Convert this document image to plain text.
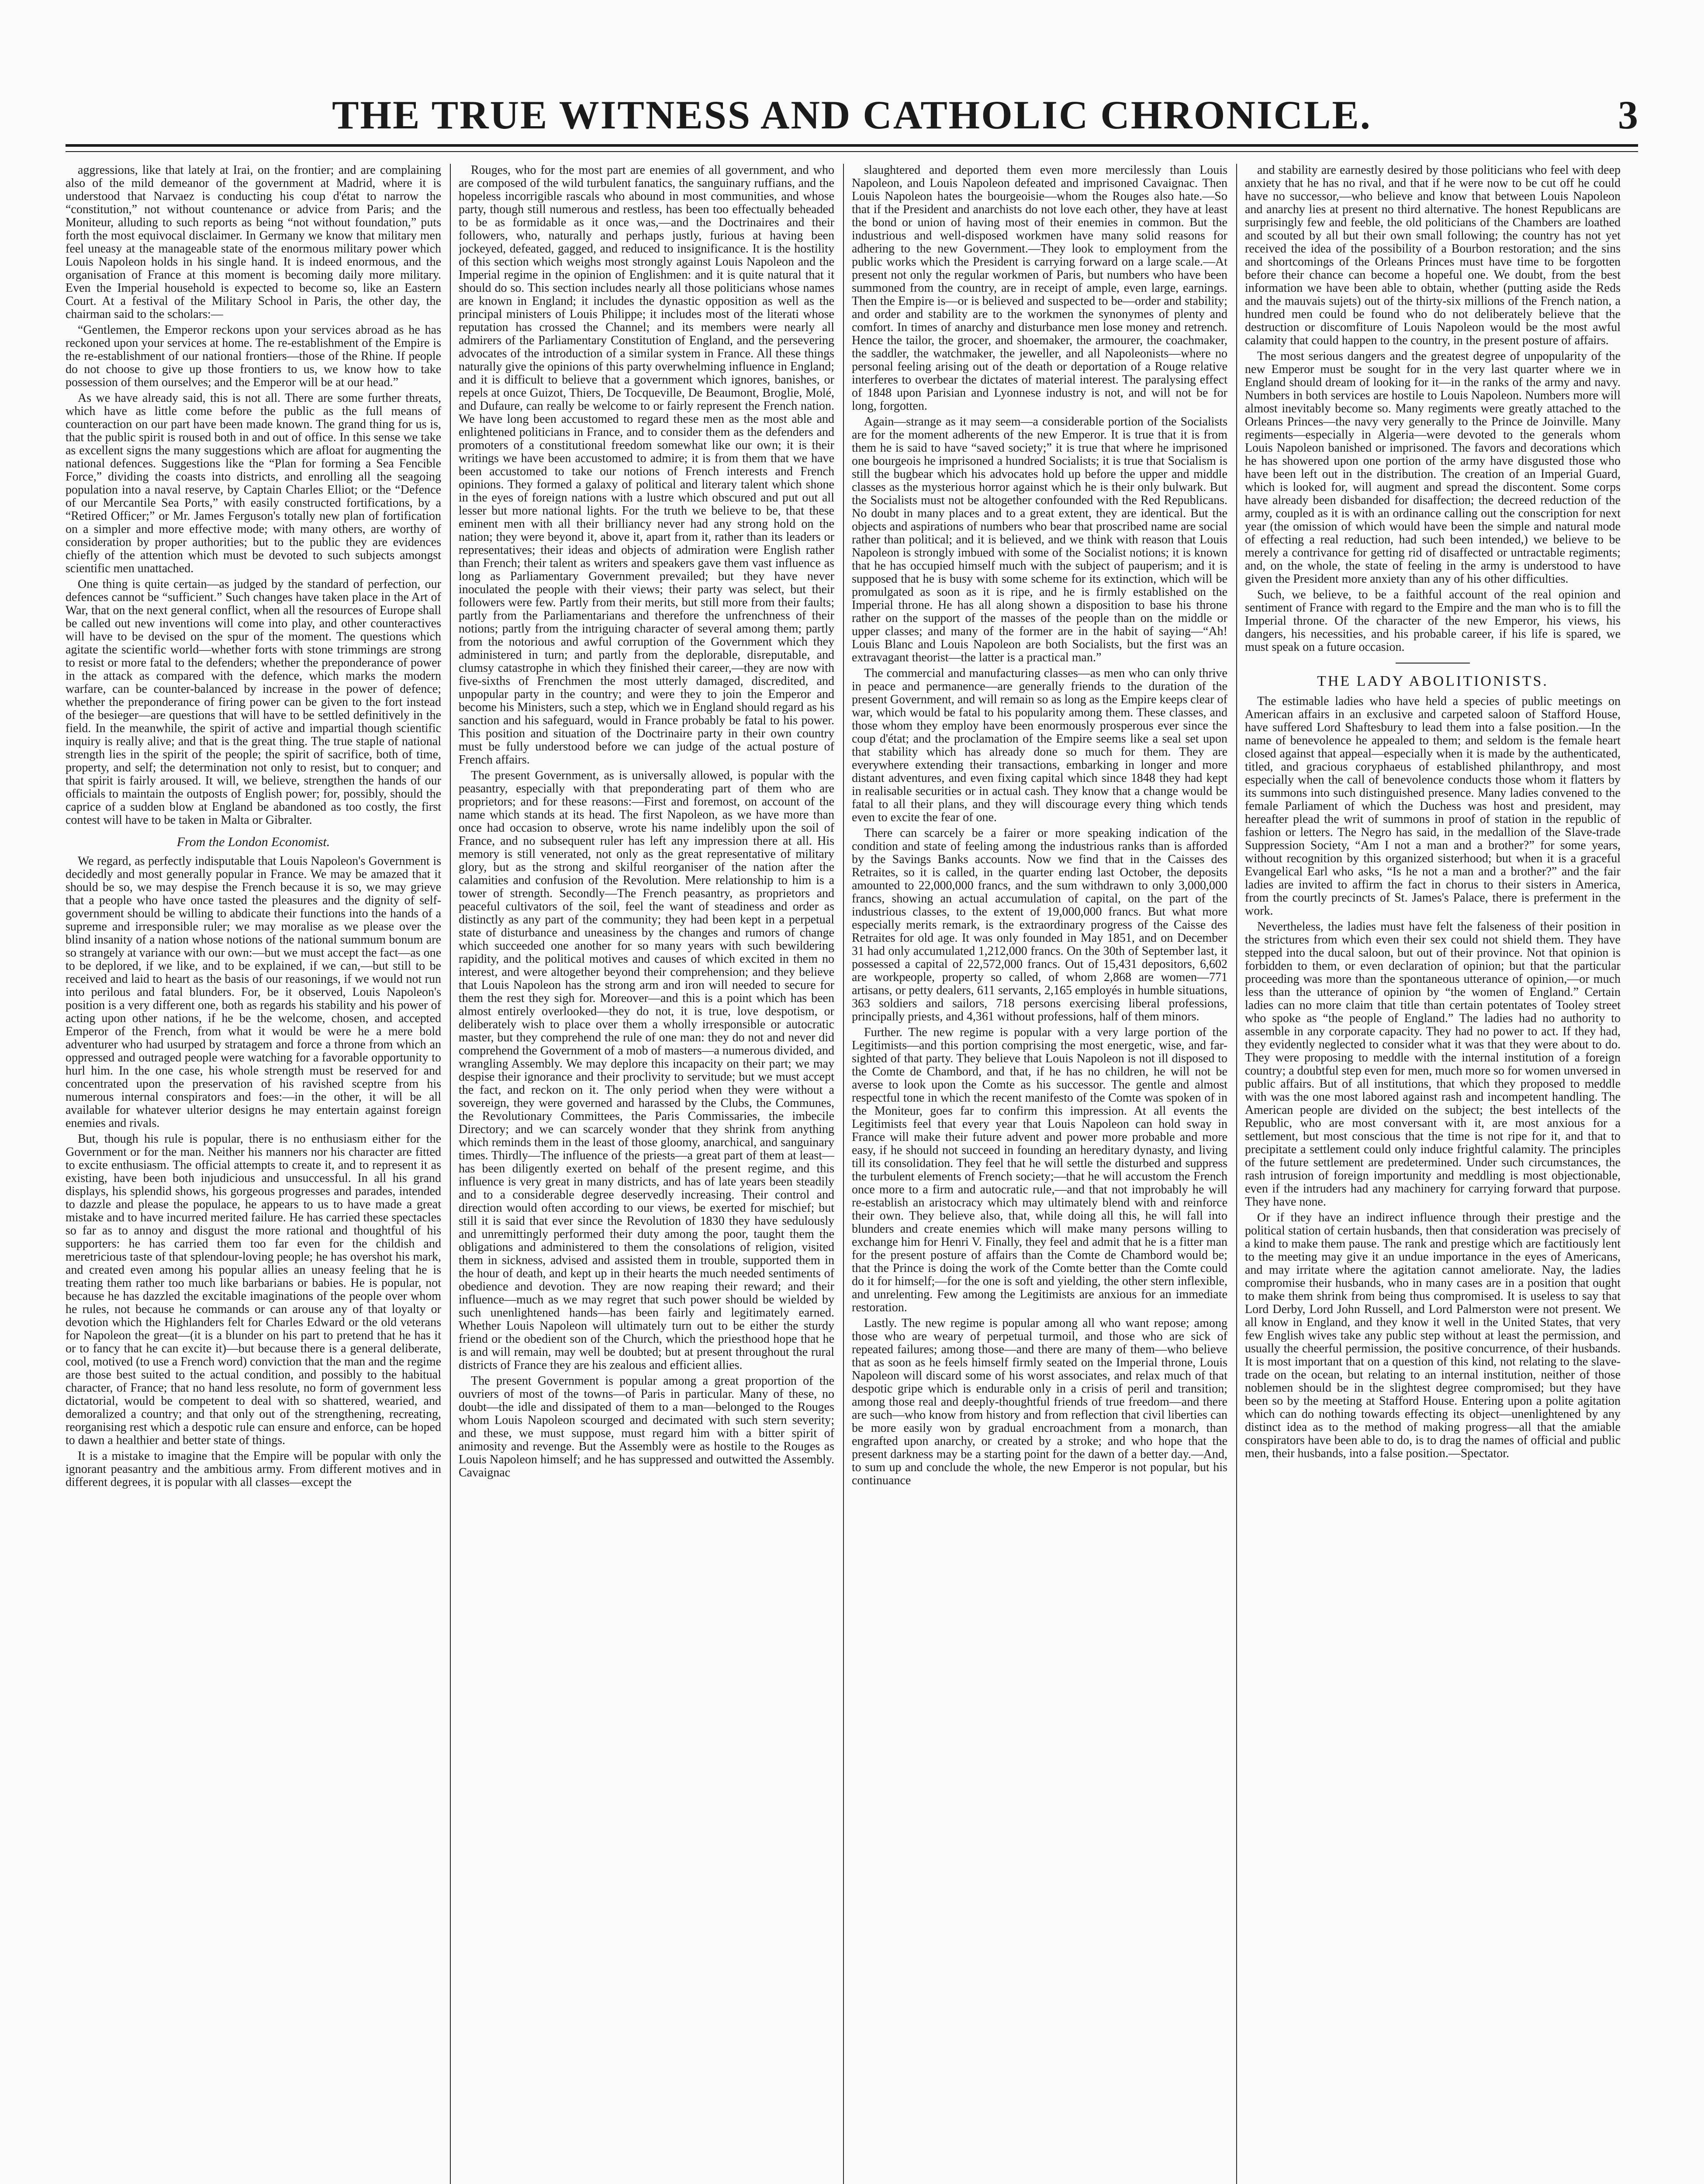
THE TRUE WITNESS AND CATHOLIC CHRONICLE.	3

aggressions, like that lately at Irai, on the frontier; and are complaining also of the mild demeanor of the government at Madrid, where it is understood that Narvaez is conducting his coup d'état to narrow the “constitution,” not without countenance or advice from Paris; and the Moniteur, alluding to such reports as being “not without foundation,” puts forth the most equivocal disclaimer. In Germany we know that military men feel uneasy at the manageable state of the enormous military power which Louis Napoleon holds in his single hand. It is indeed enormous, and the organisation of France at this moment is becoming daily more military. Even the Imperial household is expected to become so, like an Eastern Court. At a festival of the Military School in Paris, the other day, the chairman said to the scholars:—

“Gentlemen, the Emperor reckons upon your services abroad as he has reckoned upon your services at home. The re-establishment of the Empire is the re-establishment of our national frontiers—those of the Rhine. If people do not choose to give up those frontiers to us, we know how to take possession of them ourselves; and the Emperor will be at our head.”

As we have already said, this is not all. There are some further threats, which have as little come before the public as the full means of counteraction on our part have been made known. The grand thing for us is, that the public spirit is roused both in and out of office. In this sense we take as excellent signs the many suggestions which are afloat for augmenting the national defences. Suggestions like the “Plan for forming a Sea Fencible Force,” dividing the coasts into districts, and enrolling all the seagoing population into a naval reserve, by Captain Charles Elliot; or the “Defence of our Mercantile Sea Ports,” with easily constructed fortifications, by a “Retired Officer;” or Mr. James Ferguson's totally new plan of fortification on a simpler and more effective mode; with many others, are worthy of consideration by proper authorities; but to the public they are evidences chiefly of the attention which must be devoted to such subjects amongst scientific men unattached.

One thing is quite certain—as judged by the standard of perfection, our defences cannot be “sufficient.” Such changes have taken place in the Art of War, that on the next general conflict, when all the resources of Europe shall be called out new inventions will come into play, and other counteractives will have to be devised on the spur of the moment. The questions which agitate the scientific world—whether forts with stone trimmings are strong to resist or more fatal to the defenders; whether the preponderance of power in the attack as compared with the defence, which marks the modern warfare, can be counter-balanced by increase in the power of defence; whether the preponderance of firing power can be given to the fort instead of the besieger—are questions that will have to be settled definitively in the field. In the meanwhile, the spirit of active and impartial though scientific inquiry is really alive; and that is the great thing. The true staple of national strength lies in the spirit of the people; the spirit of sacrifice, both of time, property, and self; the determination not only to resist, but to conquer; and that spirit is fairly aroused. It will, we believe, strengthen the hands of our officials to maintain the outposts of English power; for, possibly, should the caprice of a sudden blow at England be abandoned as too costly, the first contest will have to be taken in Malta or Gibralter.

From the London Economist.

We regard, as perfectly indisputable that Louis Napoleon's Government is decidedly and most generally popular in France. We may be amazed that it should be so, we may despise the French because it is so, we may grieve that a people who have once tasted the pleasures and the dignity of self-government should be willing to abdicate their functions into the hands of a supreme and irresponsible ruler; we may moralise as we please over the blind insanity of a nation whose notions of the national summum bonum are so strangely at variance with our own:—but we must accept the fact—as one to be deplored, if we like, and to be explained, if we can,—but still to be received and laid to heart as the basis of our reasonings, if we would not run into perilous and fatal blunders. For, be it observed, Louis Napoleon's position is a very different one, both as regards his stability and his power of acting upon other nations, if he be the welcome, chosen, and accepted Emperor of the French, from what it would be were he a mere bold adventurer who had usurped by stratagem and force a throne from which an oppressed and outraged people were watching for a favorable opportunity to hurl him. In the one case, his whole strength must be reserved for and concentrated upon the preservation of his ravished sceptre from his numerous internal conspirators and foes:—in the other, it will be all available for whatever ulterior designs he may entertain against foreign enemies and rivals.

But, though his rule is popular, there is no enthusiasm either for the Government or for the man. Neither his manners nor his character are fitted to excite enthusiasm. The official attempts to create it, and to represent it as existing, have been both injudicious and unsuccessful. In all his grand displays, his splendid shows, his gorgeous progresses and parades, intended to dazzle and please the populace, he appears to us to have made a great mistake and to have incurred merited failure. He has carried these spectacles so far as to annoy and disgust the more rational and thoughtful of his supporters: he has carried them too far even for the childish and meretricious taste of that splendour-loving people; he has overshot his mark, and created even among his popular allies an uneasy feeling that he is treating them rather too much like barbarians or babies. He is popular, not because he has dazzled the excitable imaginations of the people over whom he rules, not because he commands or can arouse any of that loyalty or devotion which the Highlanders felt for Charles Edward or the old veterans for Napoleon the great—(it is a blunder on his part to pretend that he has it or to fancy that he can excite it)—but because there is a general deliberate, cool, motived (to use a French word) conviction that the man and the regime are those best suited to the actual condition, and possibly to the habitual character, of France; that no hand less resolute, no form of government less dictatorial, would be competent to deal with so shattered, wearied, and demoralized a country; and that only out of the strengthening, recreating, reorganising rest which a despotic rule can ensure and enforce, can be hoped to dawn a healthier and better state of things.

It is a mistake to imagine that the Empire will be popular with only the ignorant peasantry and the ambitious army. From different motives and in different degrees, it is popular with all classes—except the

Rouges, who for the most part are enemies of all government, and who are composed of the wild turbulent fanatics, the sanguinary ruffians, and the hopeless incorrigible rascals who abound in most communities, and whose party, though still numerous and restless, has been too effectually beheaded to be as formidable as it once was,—and the Doctrinaires and their followers, who, naturally and perhaps justly, furious at having been jockeyed, defeated, gagged, and reduced to insignificance. It is the hostility of this section which weighs most strongly against Louis Napoleon and the Imperial regime in the opinion of Englishmen: and it is quite natural that it should do so. This section includes nearly all those politicians whose names are known in England; it includes the dynastic opposition as well as the principal ministers of Louis Philippe; it includes most of the literati whose reputation has crossed the Channel; and its members were nearly all admirers of the Parliamentary Constitution of England, and the persevering advocates of the introduction of a similar system in France. All these things naturally give the opinions of this party overwhelming influence in England; and it is difficult to believe that a government which ignores, banishes, or repels at once Guizot, Thiers, De Tocqueville, De Beaumont, Broglie, Molé, and Dufaure, can really be welcome to or fairly represent the French nation. We have long been accustomed to regard these men as the most able and enlightened politicians in France, and to consider them as the defenders and promoters of a constitutional freedom somewhat like our own; it is their writings we have been accustomed to admire; it is from them that we have been accustomed to take our notions of French interests and French opinions. They formed a galaxy of political and literary talent which shone in the eyes of foreign nations with a lustre which obscured and put out all lesser but more national lights. For the truth we believe to be, that these eminent men with all their brilliancy never had any strong hold on the nation; they were beyond it, above it, apart from it, rather than its leaders or representatives; their ideas and objects of admiration were English rather than French; their talent as writers and speakers gave them vast influence as long as Parliamentary Government prevailed; but they have never inoculated the people with their views; their party was select, but their followers were few. Partly from their merits, but still more from their faults; partly from the Parliamentarians and therefore the unfrenchness of their notions; partly from the intriguing character of several among them; partly from the notorious and awful corruption of the Government which they administered in turn; and partly from the deplorable, disreputable, and clumsy catastrophe in which they finished their career,—they are now with five-sixths of Frenchmen the most utterly damaged, discredited, and unpopular party in the country; and were they to join the Emperor and become his Ministers, such a step, which we in England should regard as his sanction and his safeguard, would in France probably be fatal to his power. This position and situation of the Doctrinaire party in their own country must be fully understood before we can judge of the actual posture of French affairs.

The present Government, as is universally allowed, is popular with the peasantry, especially with that preponderating part of them who are proprietors; and for these reasons:—First and foremost, on account of the name which stands at its head. The first Napoleon, as we have more than once had occasion to observe, wrote his name indelibly upon the soil of France, and no subsequent ruler has left any impression there at all. His memory is still venerated, not only as the great representative of military glory, but as the strong and skilful reorganiser of the nation after the calamities and confusion of the Revolution. Mere relationship to him is a tower of strength. Secondly—The French peasantry, as proprietors and peaceful cultivators of the soil, feel the want of steadiness and order as distinctly as any part of the community; they had been kept in a perpetual state of disturbance and uneasiness by the changes and rumors of change which succeeded one another for so many years with such bewildering rapidity, and the political motives and causes of which excited in them no interest, and were altogether beyond their comprehension; and they believe that Louis Napoleon has the strong arm and iron will needed to secure for them the rest they sigh for. Moreover—and this is a point which has been almost entirely overlooked—they do not, it is true, love despotism, or deliberately wish to place over them a wholly irresponsible or autocratic master, but they comprehend the rule of one man: they do not and never did comprehend the Government of a mob of masters—a numerous divided, and wrangling Assembly. We may deplore this incapacity on their part; we may despise their ignorance and their proclivity to servitude; but we must accept the fact, and reckon on it. The only period when they were without a sovereign, they were governed and harassed by the Clubs, the Communes, the Revolutionary Committees, the Paris Commissaries, the imbecile Directory; and we can scarcely wonder that they shrink from anything which reminds them in the least of those gloomy, anarchical, and sanguinary times. Thirdly—The influence of the priests—a great part of them at least—has been diligently exerted on behalf of the present regime, and this influence is very great in many districts, and has of late years been steadily and to a considerable degree deservedly increasing. Their control and direction would often according to our views, be exerted for mischief; but still it is said that ever since the Revolution of 1830 they have sedulously and unremittingly performed their duty among the poor, taught them the obligations and administered to them the consolations of religion, visited them in sickness, advised and assisted them in trouble, supported them in the hour of death, and kept up in their hearts the much needed sentiments of obedience and devotion. They are now reaping their reward; and their influence—much as we may regret that such power should be wielded by such unenlightened hands—has been fairly and legitimately earned. Whether Louis Napoleon will ultimately turn out to be either the sturdy friend or the obedient son of the Church, which the priesthood hope that he is and will remain, may well be doubted; but at present throughout the rural districts of France they are his zealous and efficient allies.

The present Government is popular among a great proportion of the ouvriers of most of the towns—of Paris in particular. Many of these, no doubt—the idle and dissipated of them to a man—belonged to the Rouges whom Louis Napoleon scourged and decimated with such stern severity; and these, we must suppose, must regard him with a bitter spirit of animosity and revenge. But the Assembly were as hostile to the Rouges as Louis Napoleon himself; and he has suppressed and outwitted the Assembly. Cavaignac

slaughtered and deported them even more mercilessly than Louis Napoleon, and Louis Napoleon defeated and imprisoned Cavaignac. Then Louis Napoleon hates the bourgeoisie—whom the Rouges also hate.—So that if the President and anarchists do not love each other, they have at least the bond or union of having most of their enemies in common. But the industrious and well-disposed workmen have many solid reasons for adhering to the new Government.—They look to employment from the public works which the President is carrying forward on a large scale.—At present not only the regular workmen of Paris, but numbers who have been summoned from the country, are in receipt of ample, even large, earnings. Then the Empire is—or is believed and suspected to be—order and stability; and order and stability are to the workmen the synonymes of plenty and comfort. In times of anarchy and disturbance men lose money and retrench. Hence the tailor, the grocer, and shoemaker, the armourer, the coachmaker, the saddler, the watchmaker, the jeweller, and all Napoleonists—where no personal feeling arising out of the death or deportation of a Rouge relative interferes to overbear the dictates of material interest. The paralysing effect of 1848 upon Parisian and Lyonnese industry is not, and will not be for long, forgotten.

Again—strange as it may seem—a considerable portion of the Socialists are for the moment adherents of the new Emperor. It is true that it is from them he is said to have “saved society;” it is true that where he imprisoned one bourgeois he imprisoned a hundred Socialists; it is true that Socialism is still the bugbear which his advocates hold up before the upper and middle classes as the mysterious horror against which he is their only bulwark. But the Socialists must not be altogether confounded with the Red Republicans. No doubt in many places and to a great extent, they are identical. But the objects and aspirations of numbers who bear that proscribed name are social rather than political; and it is believed, and we think with reason that Louis Napoleon is strongly imbued with some of the Socialist notions; it is known that he has occupied himself much with the subject of pauperism; and it is supposed that he is busy with some scheme for its extinction, which will be promulgated as soon as it is ripe, and he is firmly established on the Imperial throne. He has all along shown a disposition to base his throne rather on the support of the masses of the people than on the middle or upper classes; and many of the former are in the habit of saying—“Ah! Louis Blanc and Louis Napoleon are both Socialists, but the first was an extravagant theorist—the latter is a practical man.”

The commercial and manufacturing classes—as men who can only thrive in peace and permanence—are generally friends to the duration of the present Government, and will remain so as long as the Empire keeps clear of war, which would be fatal to his popularity among them. These classes, and those whom they employ have been enormously prosperous ever since the coup d'état; and the proclamation of the Empire seems like a seal set upon that stability which has already done so much for them. They are everywhere extending their transactions, embarking in longer and more distant adventures, and even fixing capital which since 1848 they had kept in realisable securities or in actual cash. They know that a change would be fatal to all their plans, and they will discourage every thing which tends even to excite the fear of one.

There can scarcely be a fairer or more speaking indication of the condition and state of feeling among the industrious ranks than is afforded by the Savings Banks accounts. Now we find that in the Caisses des Retraites, so it is called, in the quarter ending last October, the deposits amounted to 22,000,000 francs, and the sum withdrawn to only 3,000,000 francs, showing an actual accumulation of capital, on the part of the industrious classes, to the extent of 19,000,000 francs. But what more especially merits remark, is the extraordinary progress of the Caisse des Retraites for old age. It was only founded in May 1851, and on December 31 had only accumulated 1,212,000 francs. On the 30th of September last, it possessed a capital of 22,572,000 francs. Out of 15,431 depositors, 6,602 are workpeople, property so called, of whom 2,868 are women—771 artisans, or petty dealers, 611 servants, 2,165 employés in humble situations, 363 soldiers and sailors, 718 persons exercising liberal professions, principally priests, and 4,361 without professions, half of them minors.

Further. The new regime is popular with a very large portion of the Legitimists—and this portion comprising the most energetic, wise, and far-sighted of that party. They believe that Louis Napoleon is not ill disposed to the Comte de Chambord, and that, if he has no children, he will not be averse to look upon the Comte as his successor. The gentle and almost respectful tone in which the recent manifesto of the Comte was spoken of in the Moniteur, goes far to confirm this impression. At all events the Legitimists feel that every year that Louis Napoleon can hold sway in France will make their future advent and power more probable and more easy, if he should not succeed in founding an hereditary dynasty, and living till its consolidation. They feel that he will settle the disturbed and suppress the turbulent elements of French society;—that he will accustom the French once more to a firm and autocratic rule,—and that not improbably he will re-establish an aristocracy which may ultimately blend with and reinforce their own. They believe also, that, while doing all this, he will fall into blunders and create enemies which will make many persons willing to exchange him for Henri V. Finally, they feel and admit that he is a fitter man for the present posture of affairs than the Comte de Chambord would be; that the Prince is doing the work of the Comte better than the Comte could do it for himself;—for the one is soft and yielding, the other stern inflexible, and unrelenting. Few among the Legitimists are anxious for an immediate restoration.

Lastly. The new regime is popular among all who want repose; among those who are weary of perpetual turmoil, and those who are sick of repeated failures; among those—and there are many of them—who believe that as soon as he feels himself firmly seated on the Imperial throne, Louis Napoleon will discard some of his worst associates, and relax much of that despotic gripe which is endurable only in a crisis of peril and transition; among those real and deeply-thoughtful friends of true freedom—and there are such—who know from history and from reflection that civil liberties can be more easily won by gradual encroachment from a monarch, than engrafted upon anarchy, or created by a stroke; and who hope that the present darkness may be a starting point for the dawn of a better day.—And, to sum up and conclude the whole, the new Emperor is not popular, but his continuance

and stability are earnestly desired by those politicians who feel with deep anxiety that he has no rival, and that if he were now to be cut off he could have no successor,—who believe and know that between Louis Napoleon and anarchy lies at present no third alternative. The honest Republicans are surprisingly few and feeble, the old politicians of the Chambers are loathed and scouted by all but their own small following; the country has not yet received the idea of the possibility of a Bourbon restoration; and the sins and shortcomings of the Orleans Princes must have time to be forgotten before their chance can become a hopeful one. We doubt, from the best information we have been able to obtain, whether (putting aside the Reds and the mauvais sujets) out of the thirty-six millions of the French nation, a hundred men could be found who do not deliberately believe that the destruction or discomfiture of Louis Napoleon would be the most awful calamity that could happen to the country, in the present posture of affairs.

The most serious dangers and the greatest degree of unpopularity of the new Emperor must be sought for in the very last quarter where we in England should dream of looking for it—in the ranks of the army and navy. Numbers in both services are hostile to Louis Napoleon. Numbers more will almost inevitably become so. Many regiments were greatly attached to the Orleans Princes—the navy very generally to the Prince de Joinville. Many regiments—especially in Algeria—were devoted to the generals whom Louis Napoleon banished or imprisoned. The favors and decorations which he has showered upon one portion of the army have disgusted those who have been left out in the distribution. The creation of an Imperial Guard, which is looked for, will augment and spread the discontent. Some corps have already been disbanded for disaffection; the decreed reduction of the army, coupled as it is with an ordinance calling out the conscription for next year (the omission of which would have been the simple and natural mode of effecting a real reduction, had such been intended,) we believe to be merely a contrivance for getting rid of disaffected or untractable regiments; and, on the whole, the state of feeling in the army is understood to have given the President more anxiety than any of his other difficulties.

Such, we believe, to be a faithful account of the real opinion and sentiment of France with regard to the Empire and the man who is to fill the Imperial throne. Of the character of the new Emperor, his views, his dangers, his necessities, and his probable career, if his life is spared, we must speak on a future occasion.

THE LADY ABOLITIONISTS.

The estimable ladies who have held a species of public meetings on American affairs in an exclusive and carpeted saloon of Stafford House, have suffered Lord Shaftesbury to lead them into a false position.—In the name of benevolence he appealed to them; and seldom is the female heart closed against that appeal—especially when it is made by the authenticated, titled, and gracious coryphaeus of established philanthropy, and most especially when the call of benevolence conducts those whom it flatters by its summons into such distinguished presence. Many ladies convened to the female Parliament of which the Duchess was host and president, may hereafter plead the writ of summons in proof of station in the republic of fashion or letters. The Negro has said, in the medallion of the Slave-trade Suppression Society, “Am I not a man and a brother?” for some years, without recognition by this organized sisterhood; but when it is a graceful Evangelical Earl who asks, “Is he not a man and a brother?” and the fair ladies are invited to affirm the fact in chorus to their sisters in America, from the courtly precincts of St. James's Palace, there is preferment in the work.

Nevertheless, the ladies must have felt the falseness of their position in the strictures from which even their sex could not shield them. They have stepped into the ducal saloon, but out of their province. Not that opinion is forbidden to them, or even declaration of opinion; but that the particular proceeding was more than the spontaneous utterance of opinion,—or much less than the utterance of opinion by “the women of England.” Certain ladies can no more claim that title than certain potentates of Tooley street who spoke as “the people of England.” The ladies had no authority to assemble in any corporate capacity. They had no power to act. If they had, they evidently neglected to consider what it was that they were about to do. They were proposing to meddle with the internal institution of a foreign country; a doubtful step even for men, much more so for women unversed in public affairs. But of all institutions, that which they proposed to meddle with was the one most labored against rash and incompetent handling. The American people are divided on the subject; the best intellects of the Republic, who are most conversant with it, are most anxious for a settlement, but most conscious that the time is not ripe for it, and that to precipitate a settlement could only induce frightful calamity. The principles of the future settlement are predetermined. Under such circumstances, the rash intrusion of foreign importunity and meddling is most objectionable, even if the intruders had any machinery for carrying forward that purpose. They have none.

Or if they have an indirect influence through their prestige and the political station of certain husbands, then that consideration was precisely of a kind to make them pause. The rank and prestige which are factitiously lent to the meeting may give it an undue importance in the eyes of Americans, and may irritate where the agitation cannot ameliorate. Nay, the ladies compromise their husbands, who in many cases are in a position that ought to make them shrink from being thus compromised. It is useless to say that Lord Derby, Lord John Russell, and Lord Palmerston were not present. We all know in England, and they know it well in the United States, that very few English wives take any public step without at least the permission, and usually the cheerful permission, the positive concurrence, of their husbands. It is most important that on a question of this kind, not relating to the slave-trade on the ocean, but relating to an internal institution, neither of those noblemen should be in the slightest degree compromised; but they have been so by the meeting at Stafford House. Entering upon a polite agitation which can do nothing towards effecting its object—unenlightened by any distinct idea as to the method of making progress—all that the amiable conspirators have been able to do, is to drag the names of official and public men, their husbands, into a false position.—Spectator.
